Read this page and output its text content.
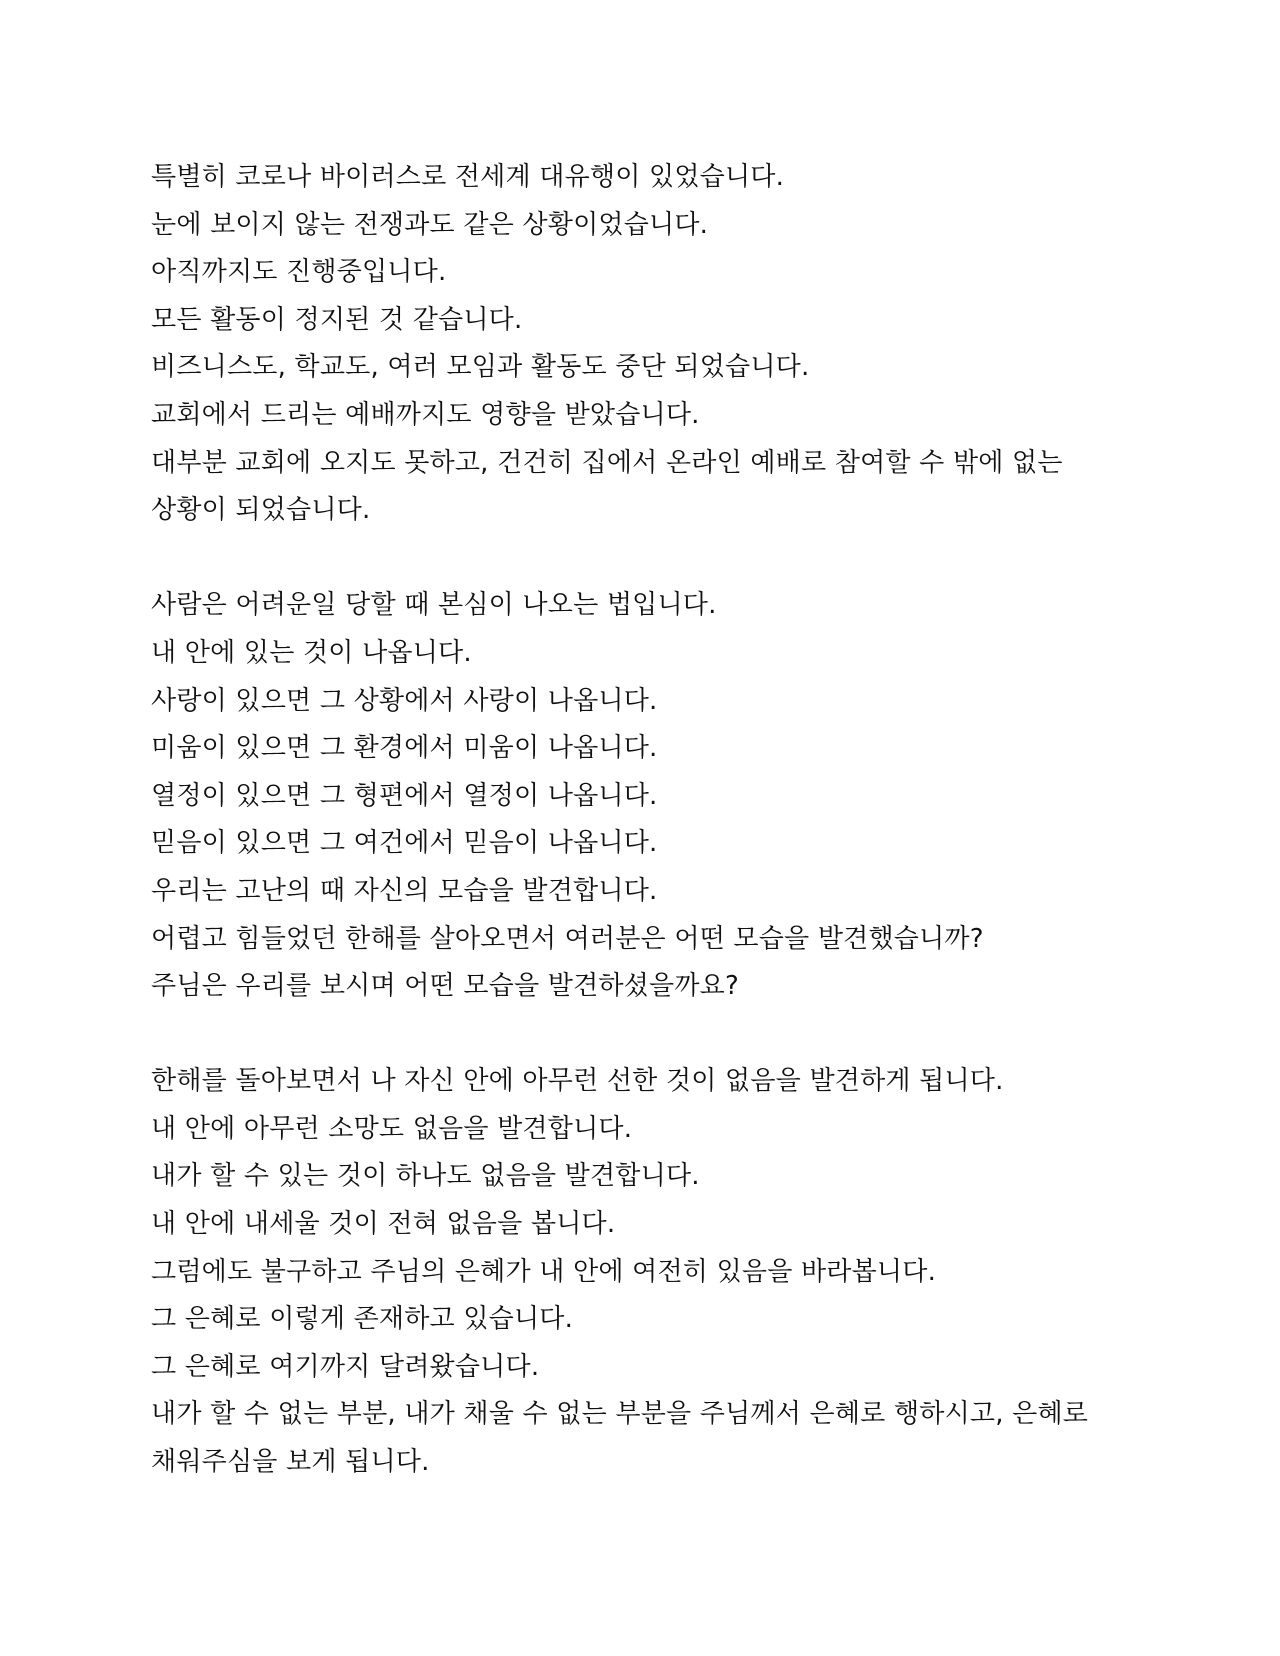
특별히 코로나 바이러스로 전세계 대유행이 있었습니다.
눈에 보이지 않는 전쟁과도 같은 상황이었습니다.
아직까지도 진행중입니다.
모든 활동이 정지된 것 같습니다.
비즈니스도, 학교도, 여러 모임과 활동도 중단 되었습니다.
교회에서 드리는 예배까지도 영향을 받았습니다.
대부분 교회에 오지도 못하고, 건건히 집에서 온라인 예배로 참여할 수 밖에 없는
상황이 되었습니다.
사람은 어려운일 당할 때 본심이 나오는 법입니다.
내 안에 있는 것이 나옵니다.
사랑이 있으면 그 상황에서 사랑이 나옵니다.
미움이 있으면 그 환경에서 미움이 나옵니다.
열정이 있으면 그 형편에서 열정이 나옵니다.
믿음이 있으면 그 여건에서 믿음이 나옵니다.
우리는 고난의 때 자신의 모습을 발견합니다.
어렵고 힘들었던 한해를 살아오면서 여러분은 어떤 모습을 발견했습니까?
주님은 우리를 보시며 어떤 모습을 발견하셨을까요?
한해를 돌아보면서 나 자신 안에 아무런 선한 것이 없음을 발견하게 됩니다.
내 안에 아무런 소망도 없음을 발견합니다.
내가 할 수 있는 것이 하나도 없음을 발견합니다.
내 안에 내세울 것이 전혀 없음을 봅니다.
그럼에도 불구하고 주님의 은혜가 내 안에 여전히 있음을 바라봅니다.
그 은혜로 이렇게 존재하고 있습니다.
그 은혜로 여기까지 달려왔습니다.
내가 할 수 없는 부분, 내가 채울 수 없는 부분을 주님께서 은혜로 행하시고, 은혜로
채워주심을 보게 됩니다.
